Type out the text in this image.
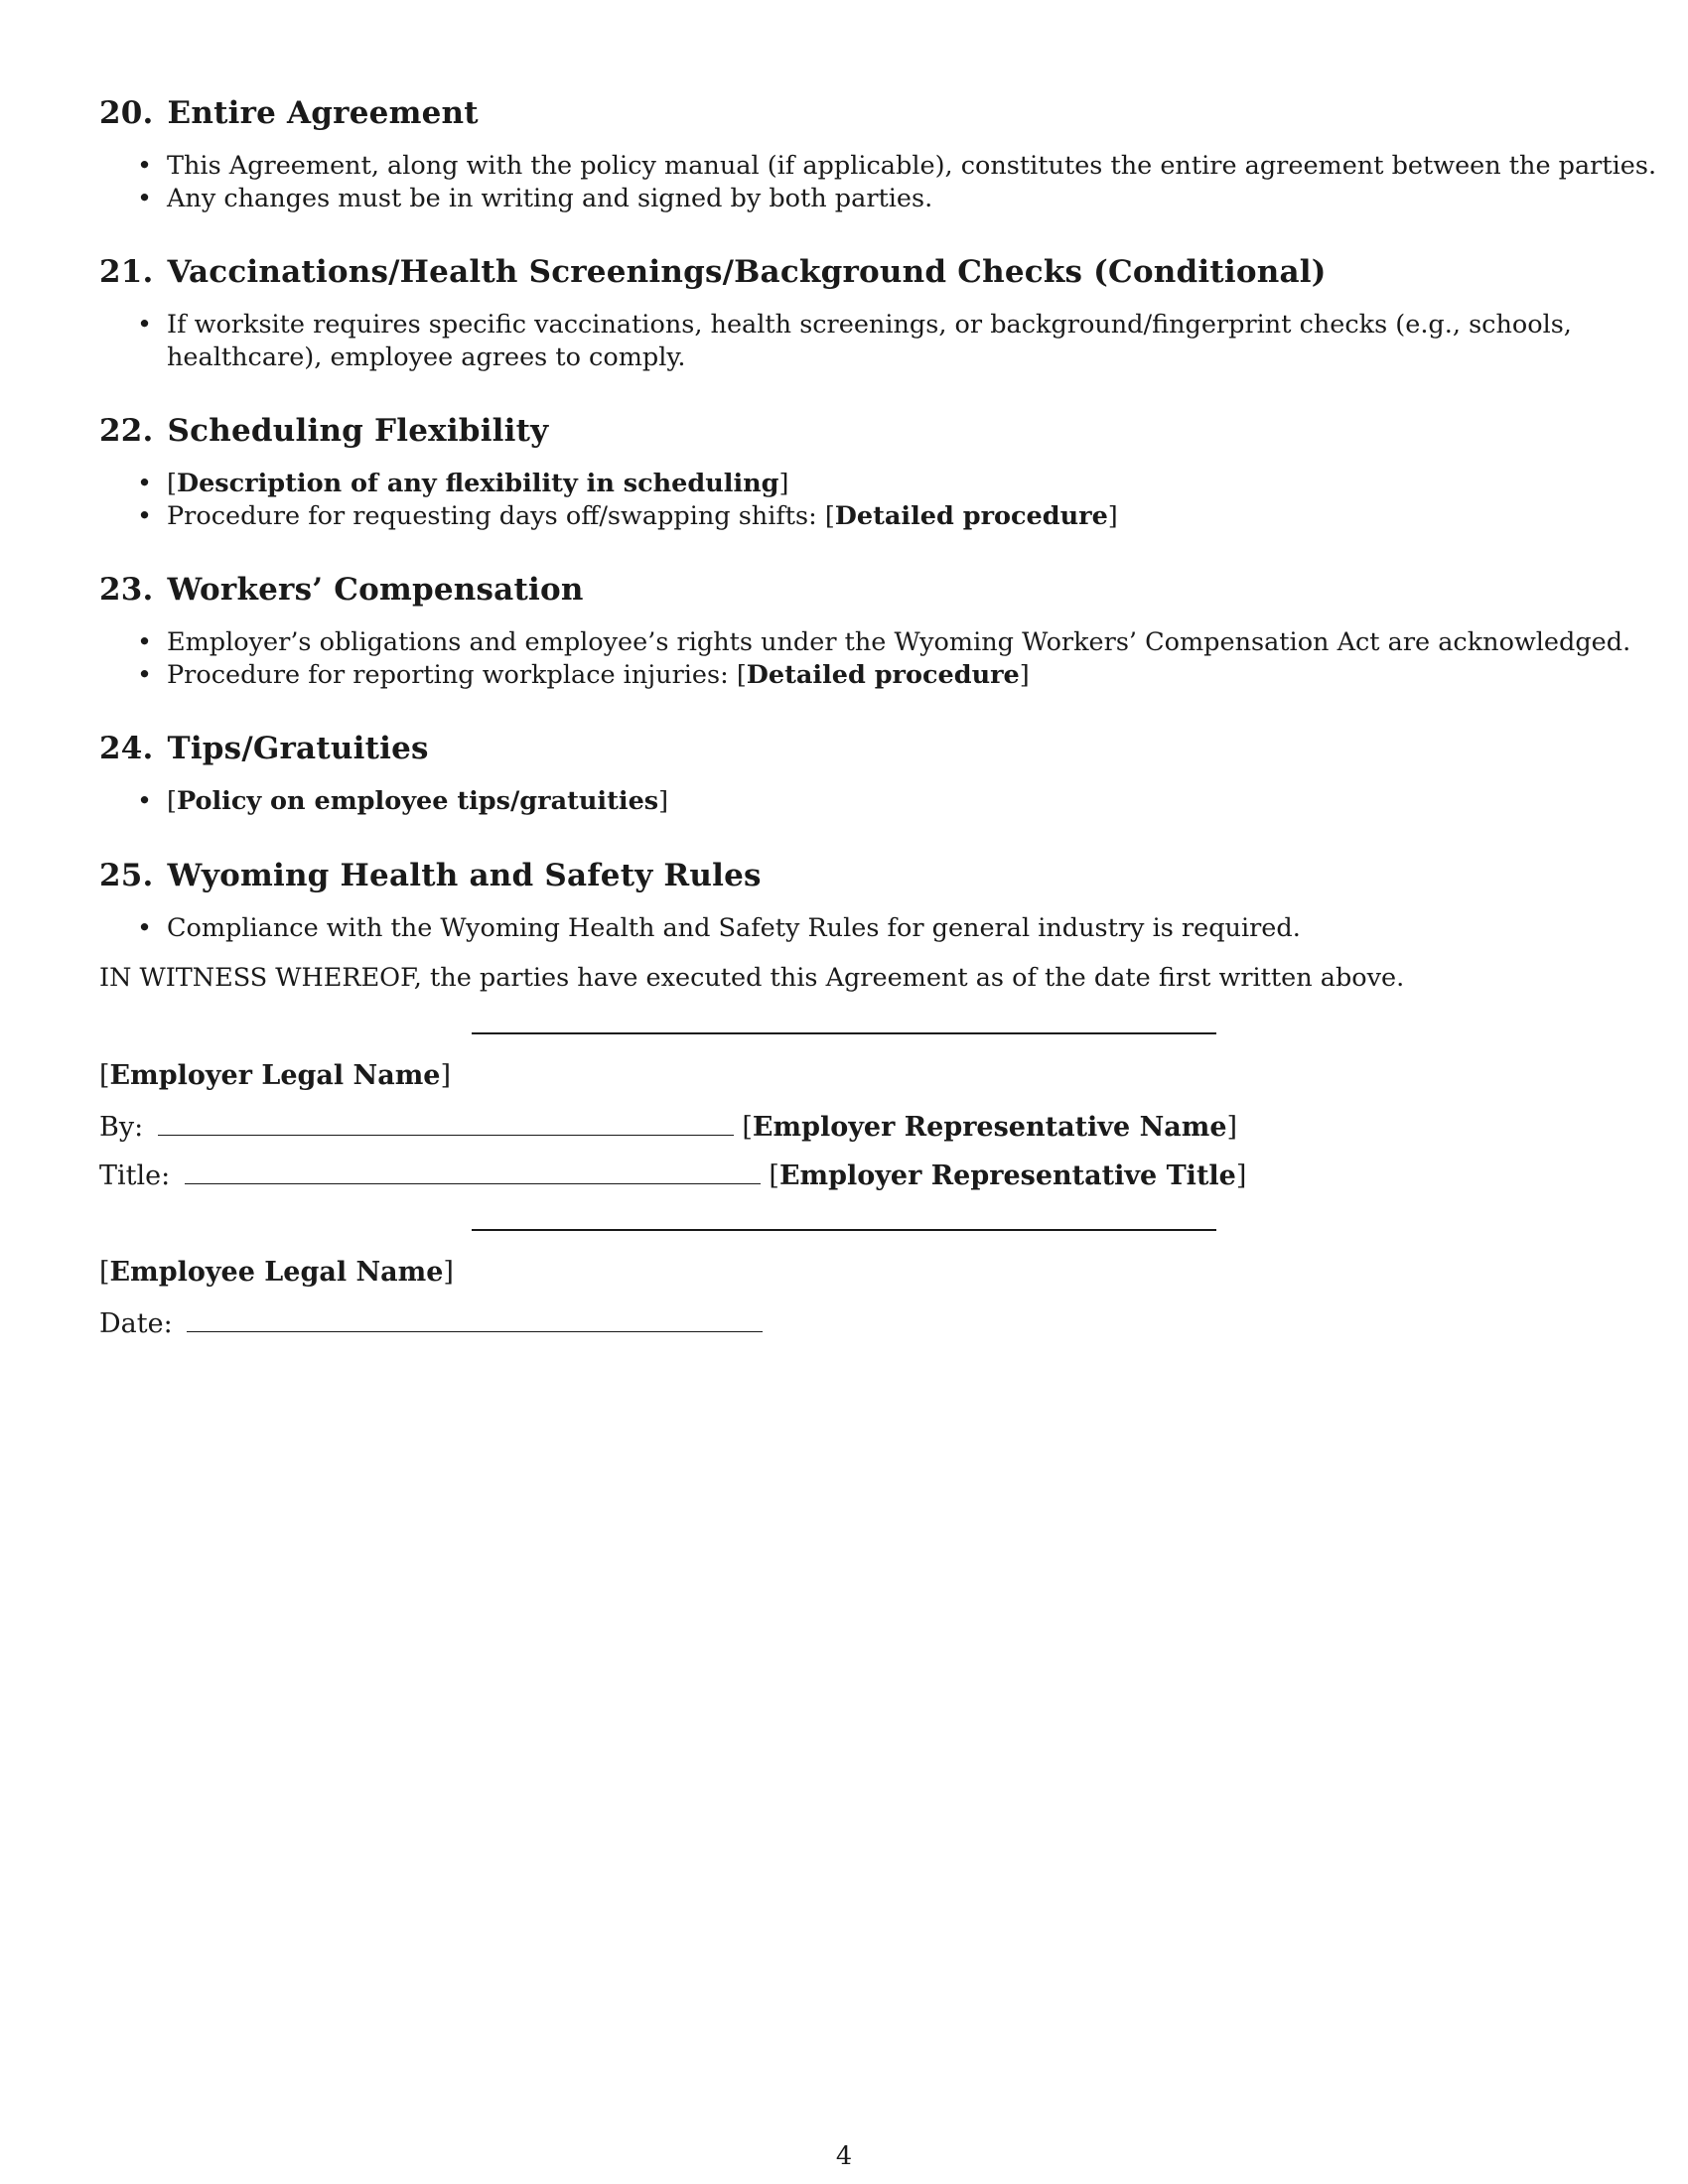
20. Entire Agreement
• This Agreement, along with the policy manual (if applicable), constitutes the entire agreement between the parties.
• Any changes must be in writing and signed by both parties.
21. Vaccinations/Health Screenings/Background Checks (Conditional)
• If worksite requires specific vaccinations, health screenings, or background/fingerprint checks (e.g., schools, healthcare), employee agrees to comply.
22. Scheduling Flexibility
• [Description of any flexibility in scheduling]
• Procedure for requesting days off/swapping shifts: [Detailed procedure]
23. Workers’ Compensation
• Employer’s obligations and employee’s rights under the Wyoming Workers’ Compensation Act are acknowledged.
• Procedure for reporting workplace injuries: [Detailed procedure]
24. Tips/Gratuities
• [Policy on employee tips/gratuities]
25. Wyoming Health and Safety Rules
• Compliance with the Wyoming Health and Safety Rules for general industry is required.
IN WITNESS WHEREOF, the parties have executed this Agreement as of the date first written above.
[Employer Legal Name]
By:	[Employer Representative Name]
Title:	[Employer Representative Title]
[Employee Legal Name]
Date:
4
